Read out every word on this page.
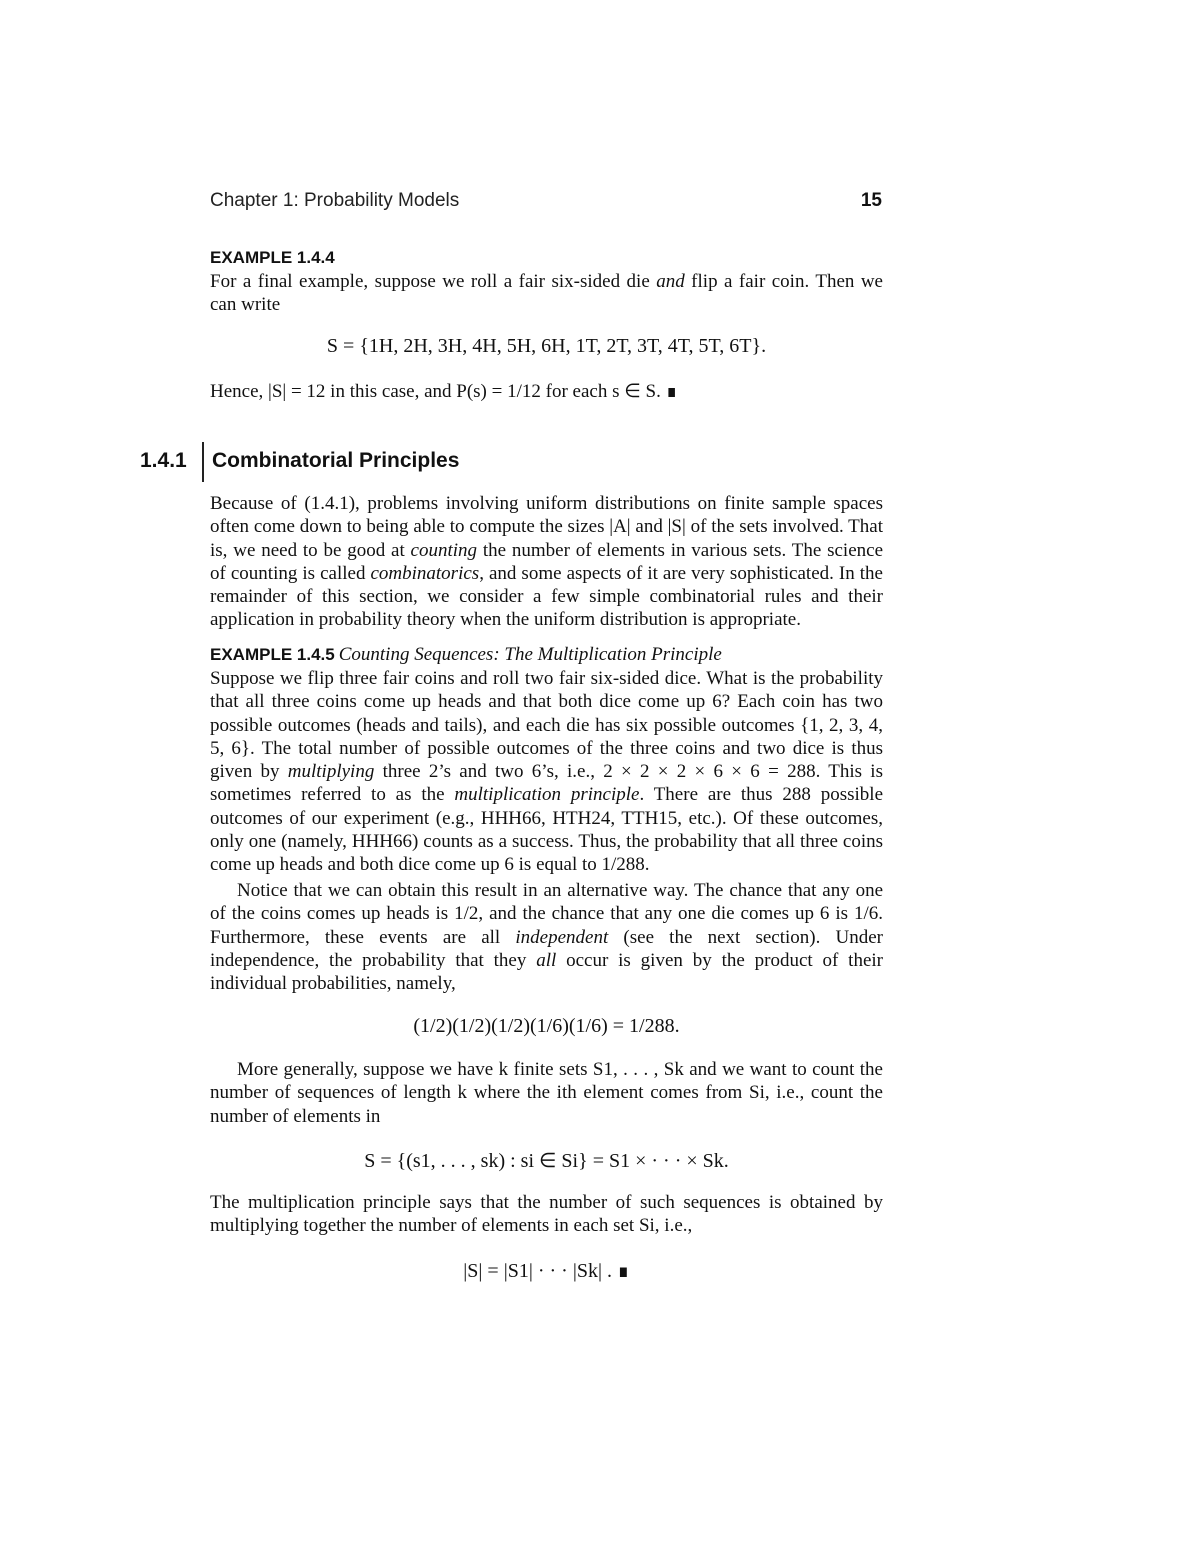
Chapter 1: Probability Models	15
EXAMPLE 1.4.4
For a final example, suppose we roll a fair six-sided die and flip a fair coin. Then we can write
S = {1H, 2H, 3H, 4H, 5H, 6H, 1T, 2T, 3T, 4T, 5T, 6T}.
Hence, |S| = 12 in this case, and P(s) = 1/12 for each s ∈ S. ∎
1.4.1 Combinatorial Principles
Because of (1.4.1), problems involving uniform distributions on finite sample spaces often come down to being able to compute the sizes |A| and |S| of the sets involved. That is, we need to be good at counting the number of elements in various sets. The science of counting is called combinatorics, and some aspects of it are very sophisticated. In the remainder of this section, we consider a few simple combinatorial rules and their application in probability theory when the uniform distribution is appropriate.
EXAMPLE 1.4.5 Counting Sequences: The Multiplication Principle
Suppose we flip three fair coins and roll two fair six-sided dice. What is the probability that all three coins come up heads and that both dice come up 6? Each coin has two possible outcomes (heads and tails), and each die has six possible outcomes {1, 2, 3, 4, 5, 6}. The total number of possible outcomes of the three coins and two dice is thus given by multiplying three 2’s and two 6’s, i.e., 2 × 2 × 2 × 6 × 6 = 288. This is sometimes referred to as the multiplication principle. There are thus 288 possible outcomes of our experiment (e.g., HHH66, HTH24, TTH15, etc.). Of these outcomes, only one (namely, HHH66) counts as a success. Thus, the probability that all three coins come up heads and both dice come up 6 is equal to 1/288.
Notice that we can obtain this result in an alternative way. The chance that any one of the coins comes up heads is 1/2, and the chance that any one die comes up 6 is 1/6. Furthermore, these events are all independent (see the next section). Under independence, the probability that they all occur is given by the product of their individual probabilities, namely,
(1/2)(1/2)(1/2)(1/6)(1/6) = 1/288.
More generally, suppose we have k finite sets S1, . . . , Sk and we want to count the number of sequences of length k where the ith element comes from Si, i.e., count the number of elements in
S = {(s1, . . . , sk) : si ∈ Si} = S1 × · · · × Sk.
The multiplication principle says that the number of such sequences is obtained by multiplying together the number of elements in each set Si, i.e.,
|S| = |S1| · · · |Sk| . ∎
